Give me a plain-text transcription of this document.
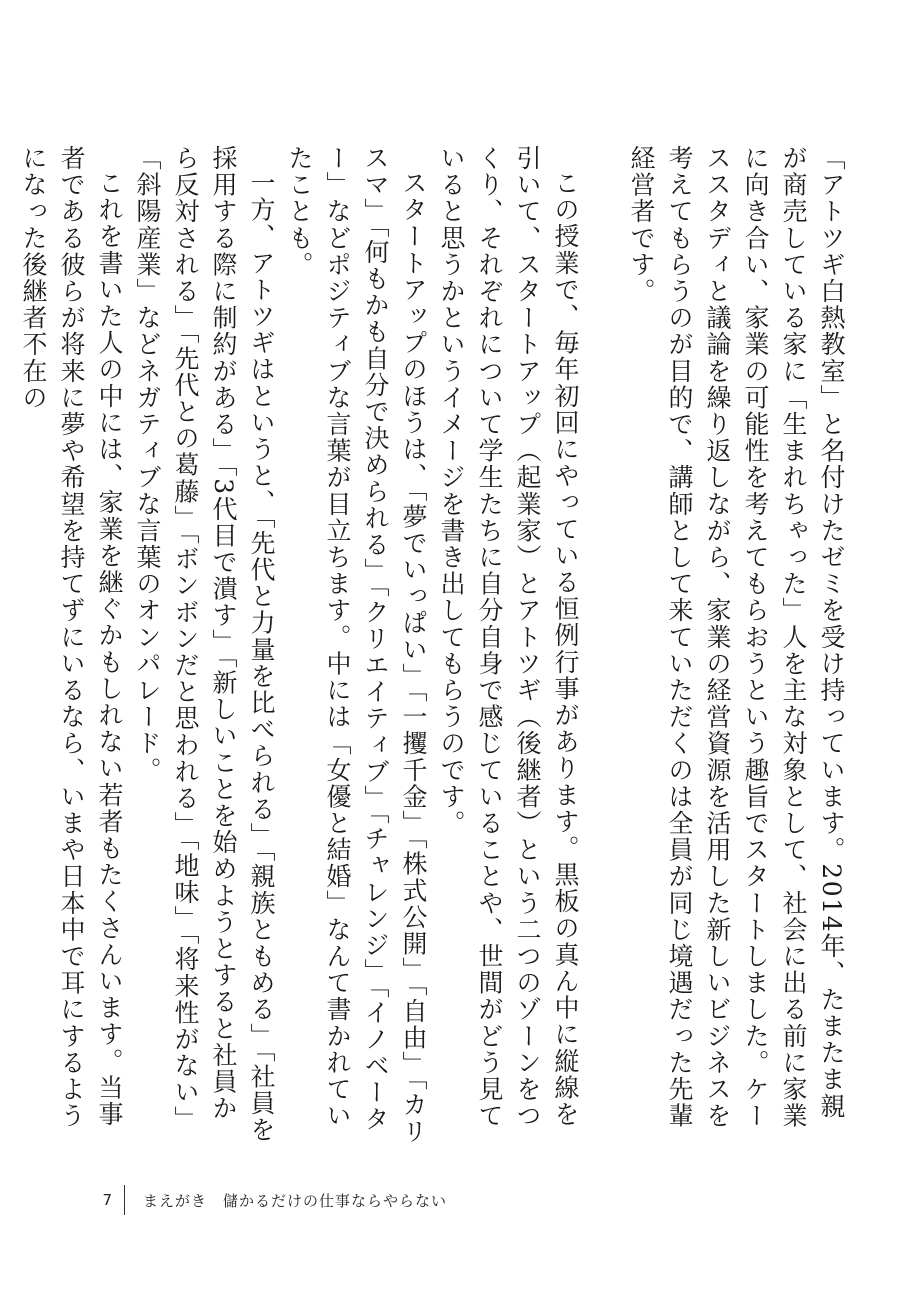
「アトツギ白熱教室」と名付けたゼミを受け持っています。2014年、たまたま親が商売している家に「生まれちゃった」人を主な対象として、社会に出る前に家業に向き合い、家業の可能性を考えてもらおうという趣旨でスタートしました。ケーススタディと議論を繰り返しながら、家業の経営資源を活用した新しいビジネスを考えてもらうのが目的で、講師として来ていただくのは全員が同じ境遇だった先輩経営者です。

この授業で、毎年初回にやっている恒例行事があります。黒板の真ん中に縦線を引いて、スタートアップ（起業家）とアトツギ（後継者）という二つのゾーンをつくり、それぞれについて学生たちに自分自身で感じていることや、世間がどう見ていると思うかというイメージを書き出してもらうのです。

スタートアップのほうは、「夢でいっぱい」「一攫千金」「株式公開」「自由」「カリスマ」「何もかも自分で決められる」「クリエイティブ」「チャレンジ」「イノベーター」などポジティブな言葉が目立ちます。中には「女優と結婚」なんて書かれていたことも。

一方、アトツギはというと、「先代と力量を比べられる」「親族ともめる」「社員を採用する際に制約がある」「3代目で潰す」「新しいことを始めようとすると社員から反対される」「先代との葛藤」「ボンボンだと思われる」「地味」「将来性がない」「斜陽産業」などネガティブな言葉のオンパレード。

これを書いた人の中には、家業を継ぐかもしれない若者もたくさんいます。当事者である彼らが将来に夢や希望を持てずにいるなら、いまや日本中で耳にするようになった後継者不在の

7 まえがき　儲かるだけの仕事ならやらない
